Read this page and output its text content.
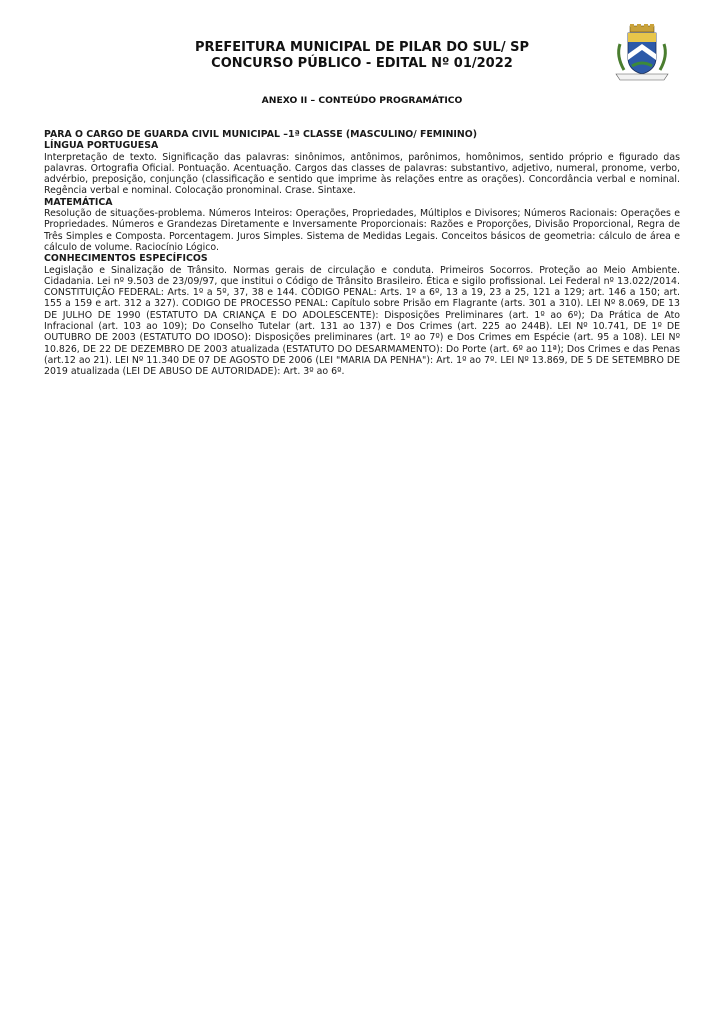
PREFEITURA MUNICIPAL DE PILAR DO SUL/ SP
CONCURSO PÚBLICO - EDITAL Nº 01/2022
ANEXO II – CONTEÚDO PROGRAMÁTICO

PARA O CARGO DE GUARDA CIVIL MUNICIPAL –1ª CLASSE (MASCULINO/ FEMININO)

LÍNGUA PORTUGUESA

Interpretação de texto. Significação das palavras: sinônimos, antônimos, parônimos, homônimos, sentido próprio e figurado das palavras. Ortografia Oficial. Pontuação. Acentuação. Cargos das classes de palavras: substantivo, adjetivo, numeral, pronome, verbo, advérbio, preposição, conjunção (classificação e sentido que imprime às relações entre as orações). Concordância verbal e nominal. Regência verbal e nominal. Colocação pronominal. Crase. Sintaxe.

MATEMÁTICA

Resolução de situações-problema. Números Inteiros: Operações, Propriedades, Múltiplos e Divisores; Números Racionais: Operações e Propriedades. Números e Grandezas Diretamente e Inversamente Proporcionais: Razões e Proporções, Divisão Proporcional, Regra de Três Simples e Composta. Porcentagem. Juros Simples. Sistema de Medidas Legais. Conceitos básicos de geometria: cálculo de área e cálculo de volume. Raciocínio Lógico.

CONHECIMENTOS ESPECÍFICOS

Legislação e Sinalização de Trânsito. Normas gerais de circulação e conduta. Primeiros Socorros. Proteção ao Meio Ambiente. Cidadania. Lei nº 9.503 de 23/09/97, que institui o Código de Trânsito Brasileiro. Ética e sigilo profissional. Lei Federal nº 13.022/2014. CONSTITUIÇÃO FEDERAL: Arts. 1º a 5º, 37, 38 e 144. CÓDIGO PENAL: Arts. 1º a 6º, 13 a 19, 23 a 25, 121 a 129; art. 146 a 150; art. 155 a 159 e art. 312 a 327). CODIGO DE PROCESSO PENAL: Capítulo sobre Prisão em Flagrante (arts. 301 a 310). LEI Nº 8.069, DE 13 DE JULHO DE 1990 (ESTATUTO DA CRIANÇA E DO ADOLESCENTE): Disposições Preliminares (art. 1º ao 6º); Da Prática de Ato Infracional (art. 103 ao 109); Do Conselho Tutelar (art. 131 ao 137) e Dos Crimes (art. 225 ao 244B). LEI Nº 10.741, DE 1º DE OUTUBRO DE 2003 (ESTATUTO DO IDOSO): Disposições preliminares (art. 1º ao 7º) e Dos Crimes em Espécie (art. 95 a 108). LEI Nº 10.826, DE 22 DE DEZEMBRO DE 2003 atualizada (ESTATUTO DO DESARMAMENTO): Do Porte (art. 6º ao 11ª); Dos Crimes e das Penas (art.12 ao 21). LEI Nº 11.340 DE 07 DE AGOSTO DE 2006 (LEI "MARIA DA PENHA"): Art. 1º ao 7º. LEI Nº 13.869, DE 5 DE SETEMBRO DE 2019 atualizada (LEI DE ABUSO DE AUTORIDADE): Art. 3º ao 6º.
